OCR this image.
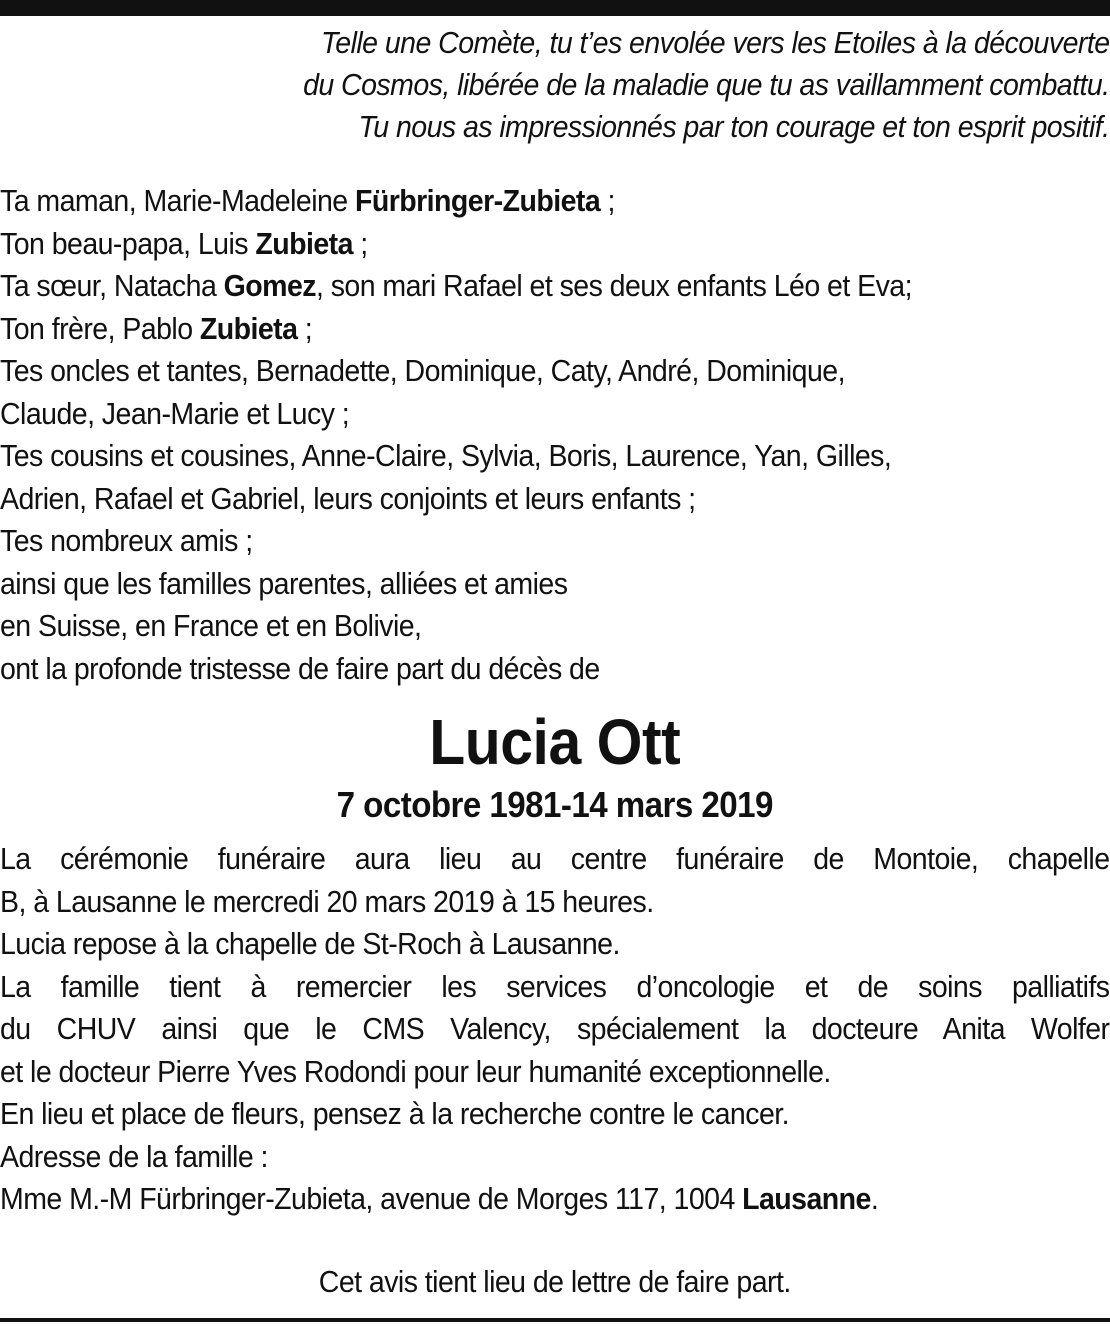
Telle une Comète, tu t’es envolée vers les Etoiles à la découverte
du Cosmos, libérée de la maladie que tu as vaillamment combattu.
Tu nous as impressionnés par ton courage et ton esprit positif.
Ta maman, Marie-Madeleine Fürbringer-Zubieta ;
Ton beau-papa, Luis Zubieta ;
Ta sœur, Natacha Gomez, son mari Rafael et ses deux enfants Léo et Eva;
Ton frère, Pablo Zubieta ;
Tes oncles et tantes, Bernadette, Dominique, Caty, André, Dominique,
Claude, Jean-Marie et Lucy ;
Tes cousins et cousines, Anne-Claire, Sylvia, Boris, Laurence, Yan, Gilles,
Adrien, Rafael et Gabriel, leurs conjoints et leurs enfants ;
Tes nombreux amis ;
ainsi que les familles parentes, alliées et amies
en Suisse, en France et en Bolivie,
ont la profonde tristesse de faire part du décès de
Lucia Ott
7 octobre 1981-14 mars 2019
La cérémonie funéraire aura lieu au centre funéraire de Montoie, chapelle
B, à Lausanne le mercredi 20 mars 2019 à 15 heures.
Lucia repose à la chapelle de St-Roch à Lausanne.
La famille tient à remercier les services d’oncologie et de soins palliatifs
du CHUV ainsi que le CMS Valency, spécialement la docteure Anita Wolfer
et le docteur Pierre Yves Rodondi pour leur humanité exceptionnelle.
En lieu et place de fleurs, pensez à la recherche contre le cancer.
Adresse de la famille :
Mme M.-M Fürbringer-Zubieta, avenue de Morges 117, 1004 Lausanne.
Cet avis tient lieu de lettre de faire part.
